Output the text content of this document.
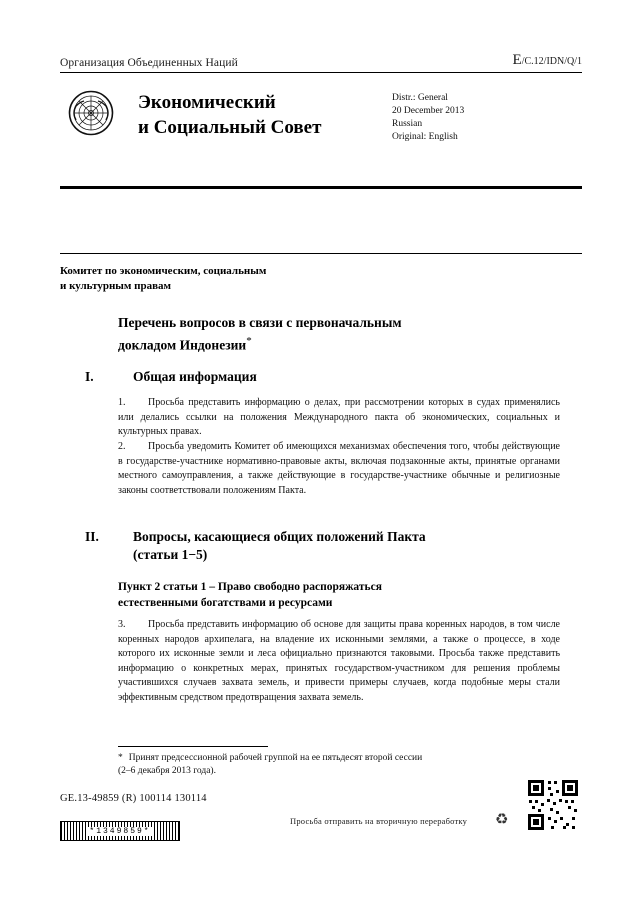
Организация Объединенных Наций	E/C.12/IDN/Q/1
Экономический
и Социальный Совет
Distr.: General
20 December 2013
Russian
Original: English
Комитет по экономическим, социальным
и культурным правам
Перечень вопросов в связи с первоначальным
докладом Индонезии*
I.	Общая информация
1. Просьба представить информацию о делах, при рассмотрении которых в судах применялись или делались ссылки на положения Международного пакта об экономических, социальных и культурных правах.
2. Просьба уведомить Комитет об имеющихся механизмах обеспечения того, чтобы действующие в государстве-участнике нормативно-правовые акты, включая подзаконные акты, принятые органами местного самоуправления, а также действующие в государстве-участнике обычные и религиозные законы соответствовали положениям Пакта.
II.	Вопросы, касающиеся общих положений Пакта
(статьи 1−5)
Пункт 2 статьи 1 – Право свободно распоряжаться
естественными богатствами и ресурсами
3. Просьба представить информацию об основе для защиты права коренных народов, в том числе коренных народов архипелага, на владение их исконными землями, а также о процессе, в ходе которого их исконные земли и леса официально признаются таковыми. Просьба также представить информацию о конкретных мерах, принятых государством-участником для решения проблемы участившихся случаев захвата земель, и привести примеры случаев, когда подобные меры стали эффективным средством предотвращения захвата земель.
* Принят предсессионной рабочей группой на ее пятьдесят второй сессии
(2–6 декабря 2013 года).
GE.13-49859 (R) 100114 130114
*1349859*
Просьба отправить на вторичную переработку ♻
